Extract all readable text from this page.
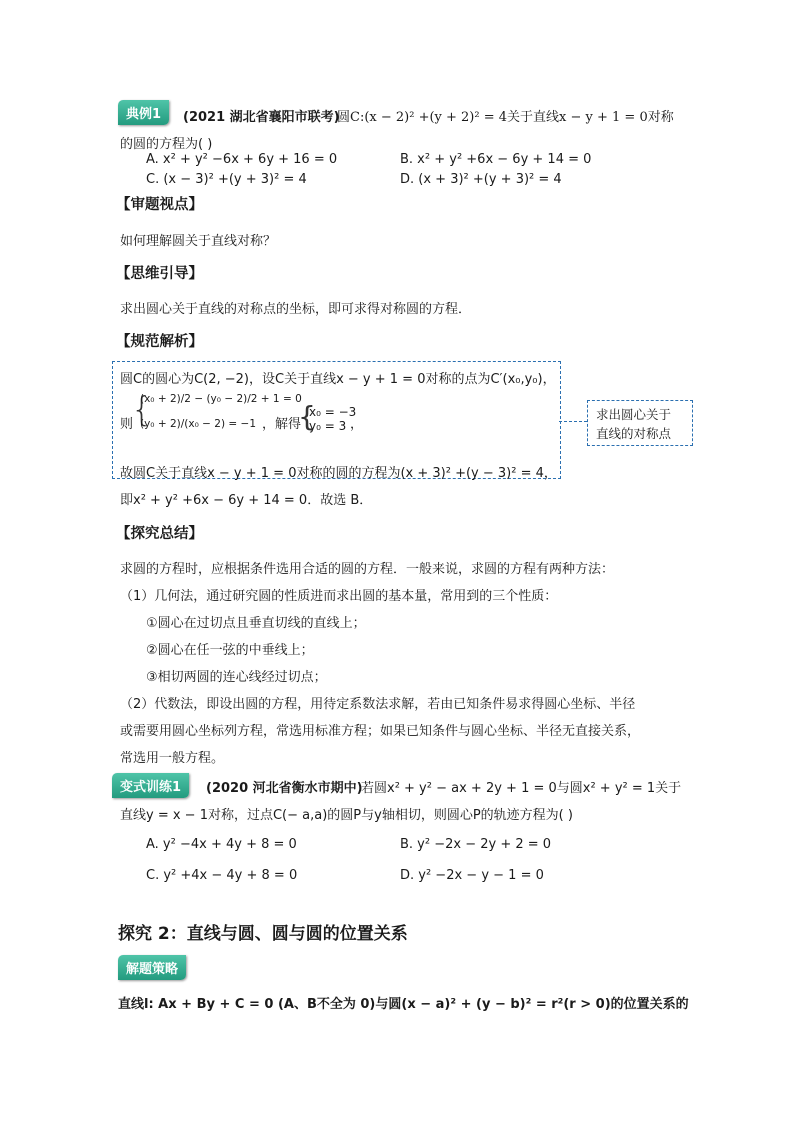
典例1	(2021 湖北省襄阳市联考)
圆C:(x − 2)² +(y + 2)² = 4关于直线x − y + 1 = 0对称
的圆的方程为( )
A. x² + y² −6x + 6y + 16 = 0	B. x² + y² +6x − 6y + 14 = 0
C. (x − 3)² +(y + 3)² = 4	D. (x + 3)² +(y + 3)² = 4
【审题视点】
如何理解圆关于直线对称？
【思维引导】
求出圆心关于直线的对称点的坐标，即可求得对称圆的方程．
【规范解析】
圆C的圆心为C(2, −2)，设C关于直线x − y + 1 = 0对称的点为C′(x₀,y₀)，
则
{
(x₀ + 2)/2 − (y₀ − 2)/2 + 1 = 0
(y₀ + 2)/(x₀ − 2) = −1 ，解得
{
x₀ = −3
y₀ = 3 ，
故圆C关于直线x − y + 1 = 0对称的圆的方程为(x + 3)² +(y − 3)² = 4，
即x² + y² +6x − 6y + 14 = 0．故选 B．
求出圆心关于
直线的对称点
【探究总结】
求圆的方程时，应根据条件选用合适的圆的方程．一般来说，求圆的方程有两种方法：
（1）几何法，通过研究圆的性质进而求出圆的基本量，常用到的三个性质：
①圆心在过切点且垂直切线的直线上；
②圆心在任一弦的中垂线上；
③相切两圆的连心线经过切点；
（2）代数法，即设出圆的方程，用待定系数法求解，若由已知条件易求得圆心坐标、半径
或需要用圆心坐标列方程，常选用标准方程；如果已知条件与圆心坐标、半径无直接关系，
常选用一般方程。
变式训练1	(2020 河北省衡水市期中)
若圆x² + y² − ax + 2y + 1 = 0与圆x² + y² = 1关于
直线y = x − 1对称，过点C(− a,a)的圆P与y轴相切，则圆心P的轨迹方程为( )
A. y² −4x + 4y + 8 = 0	B. y² −2x − 2y + 2 = 0
C. y² +4x − 4y + 8 = 0	D. y² −2x − y − 1 = 0
探究 2：直线与圆、圆与圆的位置关系
解题策略
直线l: Ax + By + C = 0 (A、B不全为 0)与圆(x − a)² + (y − b)² = r²(r > 0)的位置关系的
